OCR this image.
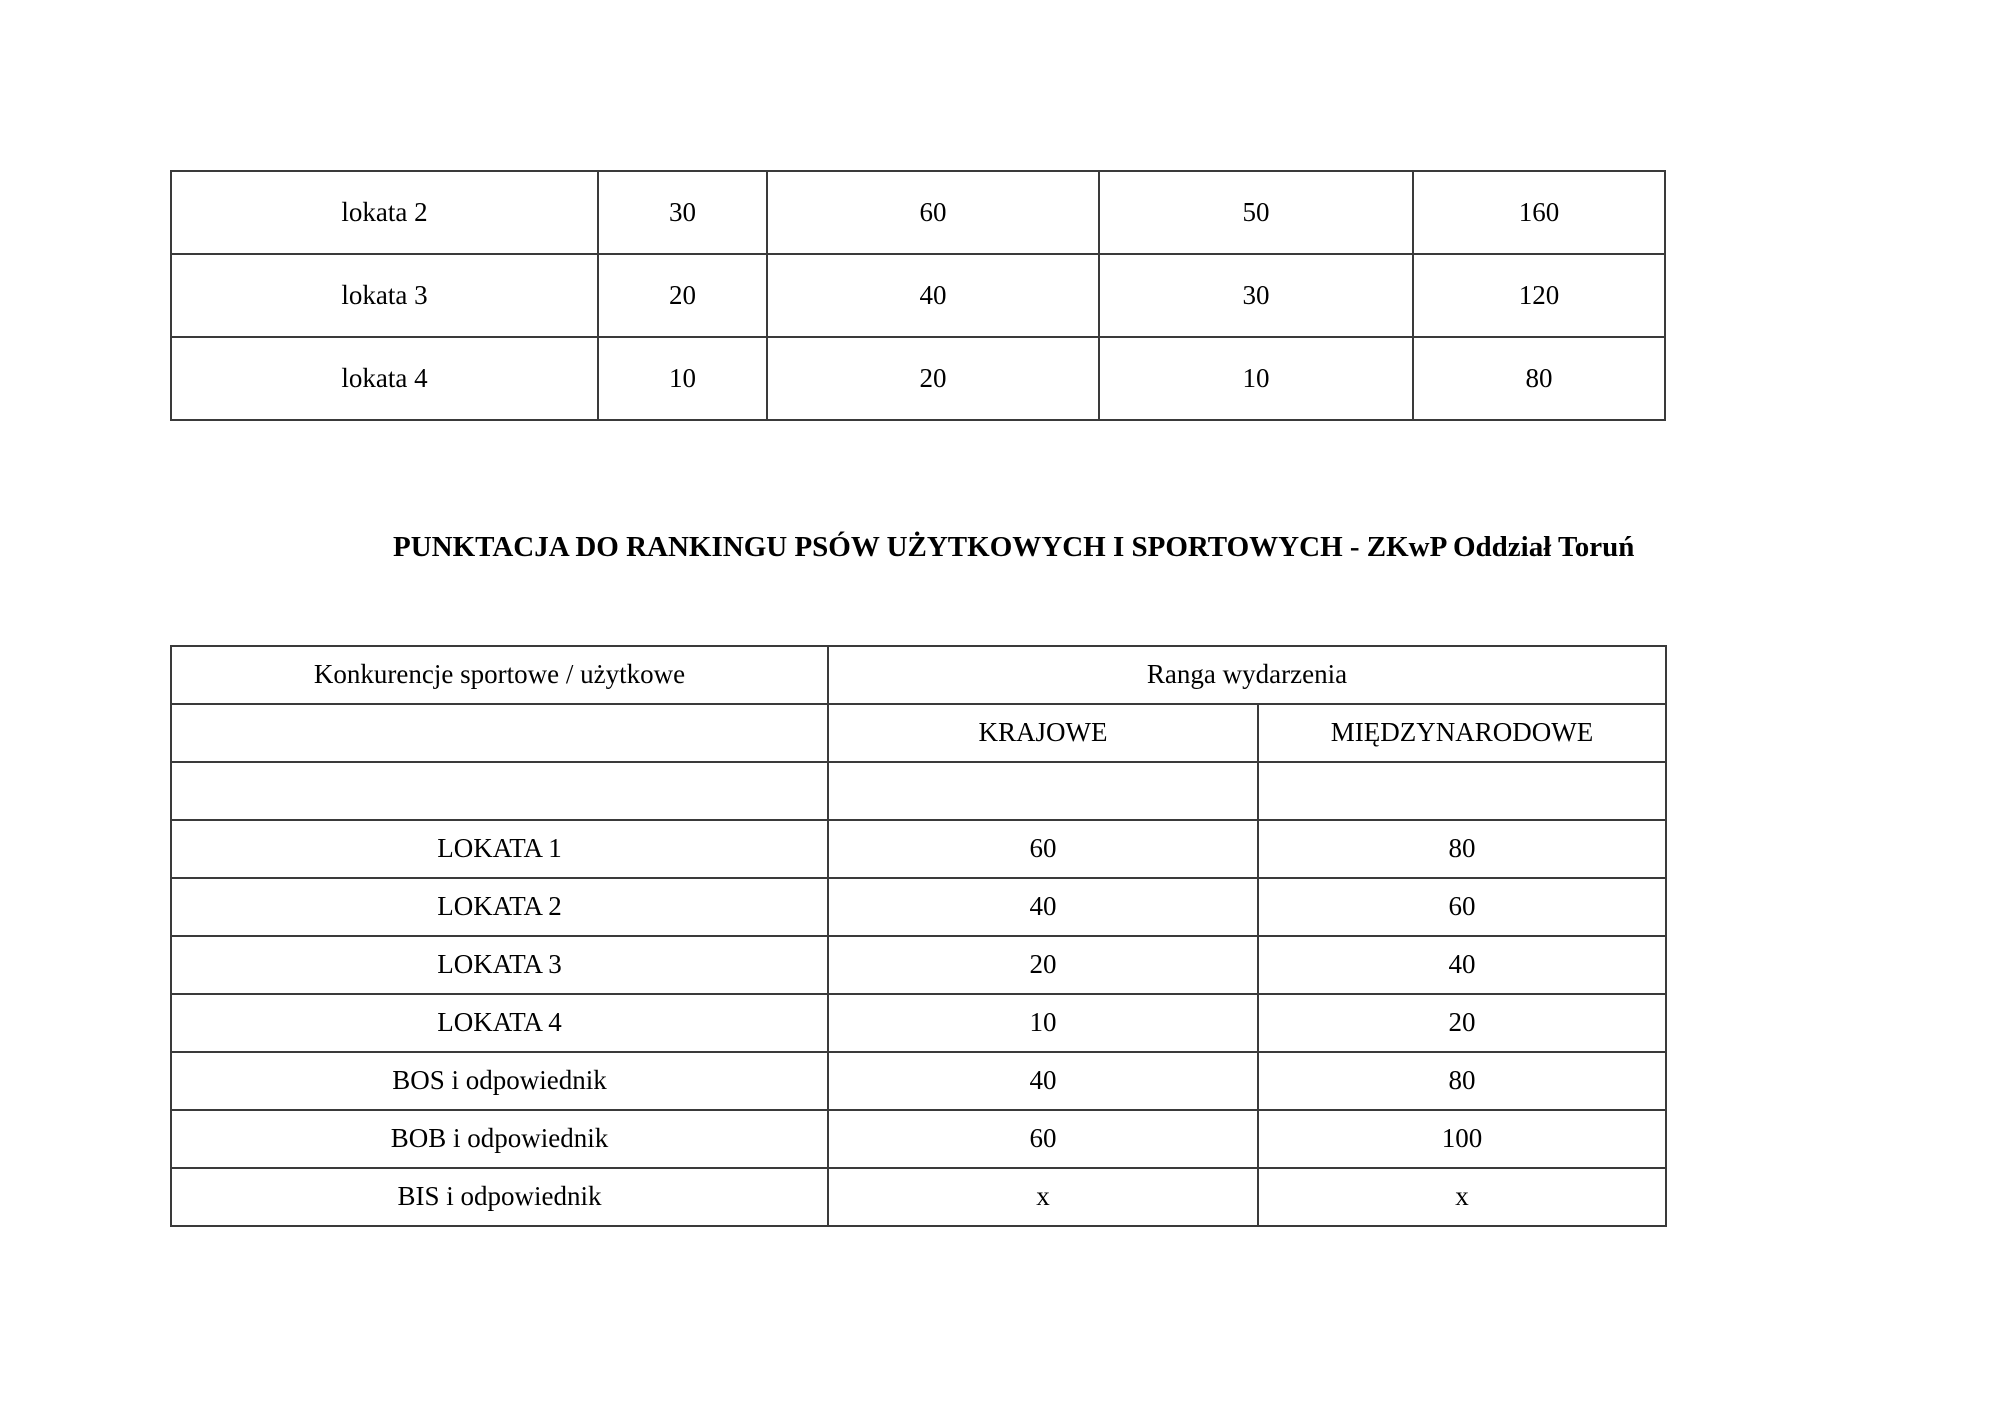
lokata 2	30	60	50	160
lokata 3	20	40	30	120
lokata 4	10	20	10	80
PUNKTACJA DO RANKINGU PSÓW UŻYTKOWYCH I SPORTOWYCH - ZKwP Oddział Toruń
Konkurencje sportowe / użytkowe	Ranga wydarzenia	
	KRAJOWE	MIĘDZYNARODOWE

LOKATA 1	60	80
LOKATA 2	40	60
LOKATA 3	20	40
LOKATA 4	10	20
BOS i odpowiednik	40	80
BOB i odpowiednik	60	100
BIS i odpowiednik	x	x
